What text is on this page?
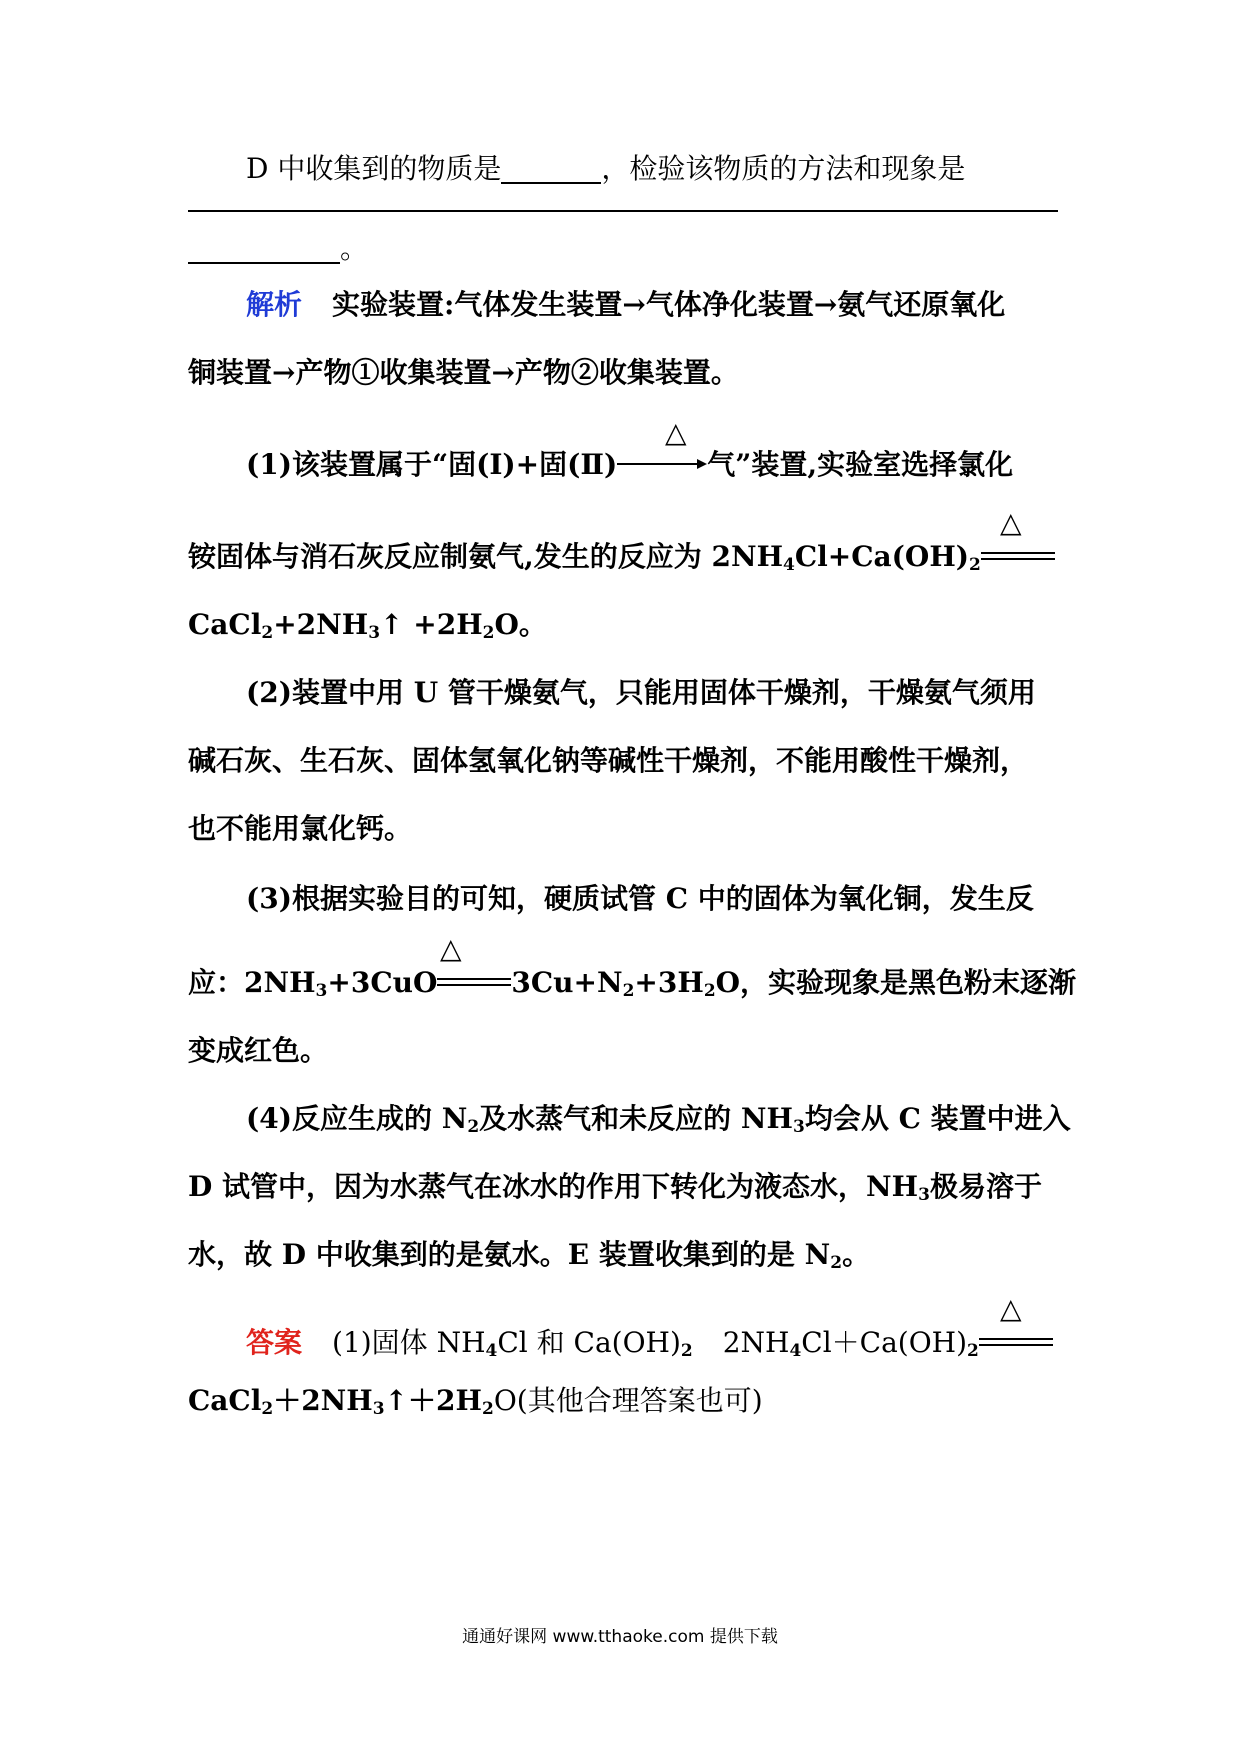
D 中收集到的物质是	，检验该物质的方法和现象是
。
解析 实验装置:气体发生装置→气体净化装置→氨气还原氧化
铜装置→产物①收集装置→产物②收集装置。
△
(1)该装置属于“固(Ⅰ)+固(Ⅱ)	气”装置,实验室选择氯化
△
铵固体与消石灰反应制氨气,发生的反应为 $2NH_4Cl+Ca(OH)_2$
$CaCl_2+2NH_3↑ +2H_2O$。
(2)装置中用 U 管干燥氨气，只能用固体干燥剂，干燥氨气须用
碱石灰、生石灰、固体氢氧化钠等碱性干燥剂，不能用酸性干燥剂，
也不能用氯化钙。
(3)根据实验目的可知，硬质试管 C 中的固体为氧化铜，发生反
△
应：$2NH_3+3CuO$	$3Cu+N_2+3H_2O$，实验现象是黑色粉末逐渐
变成红色。
(4)反应生成的 $N_2$及水蒸气和未反应的 $NH_3$均会从 C 装置中进入
D 试管中，因为水蒸气在冰水的作用下转化为液态水，$NH_3$极易溶于
水，故 D 中收集到的是氨水。E 装置收集到的是 $N_2$。
△
答案 (1)固体 $NH_4Cl$ 和 $Ca(OH)_2$ $2NH_4Cl+Ca(OH)_2$
$CaCl_2+2NH_3↑+2H_2O$(其他合理答案也可)
通通好课网 www.tthaoke.com 提供下载
